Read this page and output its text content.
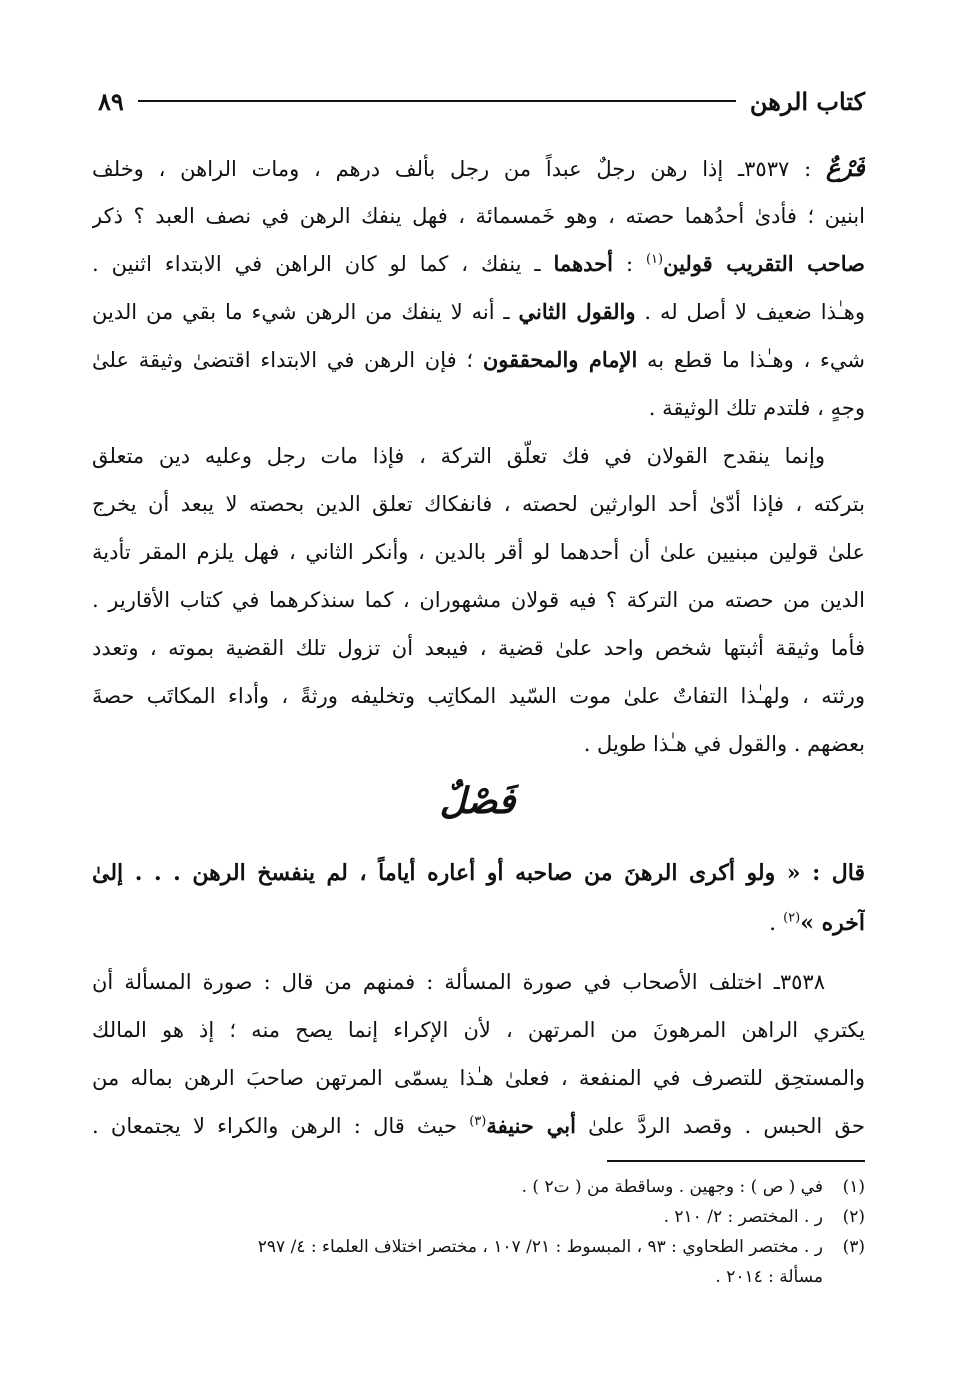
كتاب الرهن
٨٩
فَرْعٌ : ٣٥٣٧ـ إذا رهن رجلٌ عبداً من رجل بألف درهم ، ومات الراهن ، وخلف
ابنين ؛ فأدىٰ أحدُهما حصته ، وهو خَمسمائة ، فهل ينفك الرهن في نصف العبد ؟ ذكر
صاحب التقريب قولين$^{(١)}$ : أحدهما ـ ينفك ، كما لو كان الراهن في الابتداء اثنين .
وهـٰذا ضعيف لا أصل له . والقول الثاني ـ أنه لا ينفك من الرهن شيء ما بقي من الدين
شيء ، وهـٰذا ما قطع به الإمام والمحققون ؛ فإن الرهن في الابتداء اقتضىٰ وثيقة علىٰ
وجهٍ ، فلتدم تلك الوثيقة .
وإنما ينقدح القولان في فك تعلّق التركة ، فإذا مات رجل وعليه دين متعلق
بتركته ، فإذا أدّىٰ أحد الوارثين لحصته ، فانفكاك تعلق الدين بحصته لا يبعد أن يخرج
علىٰ قولين مبنيين علىٰ أن أحدهما لو أقر بالدين ، وأنكر الثاني ، فهل يلزم المقر تأدية
الدين من حصته من التركة ؟ فيه قولان مشهوران ، كما سنذكرهما في كتاب الأقارير .
فأما وثيقة أثبتها شخص واحد علىٰ قضية ، فيبعد أن تزول تلك القضية بموته ، وتعدد
ورثته ، ولهـٰذا التفاتٌ علىٰ موت السّيد المكاتِب وتخليفه ورثةً ، وأداء المكاتَب حصةَ
بعضهم . والقول في هـٰذا طويل .
فَصْلٌ
قال : « ولو أكرى الرهنَ من صاحبه أو أعاره أياماً ، لم ينفسخ الرهن . . . إلىٰ
آخره »$^{(٢)}$ .
٣٥٣٨ـ اختلف الأصحاب في صورة المسألة : فمنهم من قال : صورة المسألة أن
يكتري الراهن المرهونَ من المرتهن ، لأن الإكراء إنما يصح منه ؛ إذ هو المالك
والمستحِق للتصرف في المنفعة ، فعلىٰ هـٰذا يسمّى المرتهن صاحبَ الرهن بماله من
حق الحبس . وقصد الردَّ علىٰ أبي حنيفة$^{(٣)}$ حيث قال : الرهن والكراء لا يجتمعان .
(١)في ( ص ) : وجهين . وساقطة من ( ت٢ ) .
(٢)ر . المختصر : ٢/ ٢١٠ .
(٣)ر . مختصر الطحاوي : ٩٣ ، المبسوط : ٢١/ ١٠٧ ، مختصر اختلاف العلماء : ٤/ ٢٩٧
مسألة : ٢٠١٤ .
